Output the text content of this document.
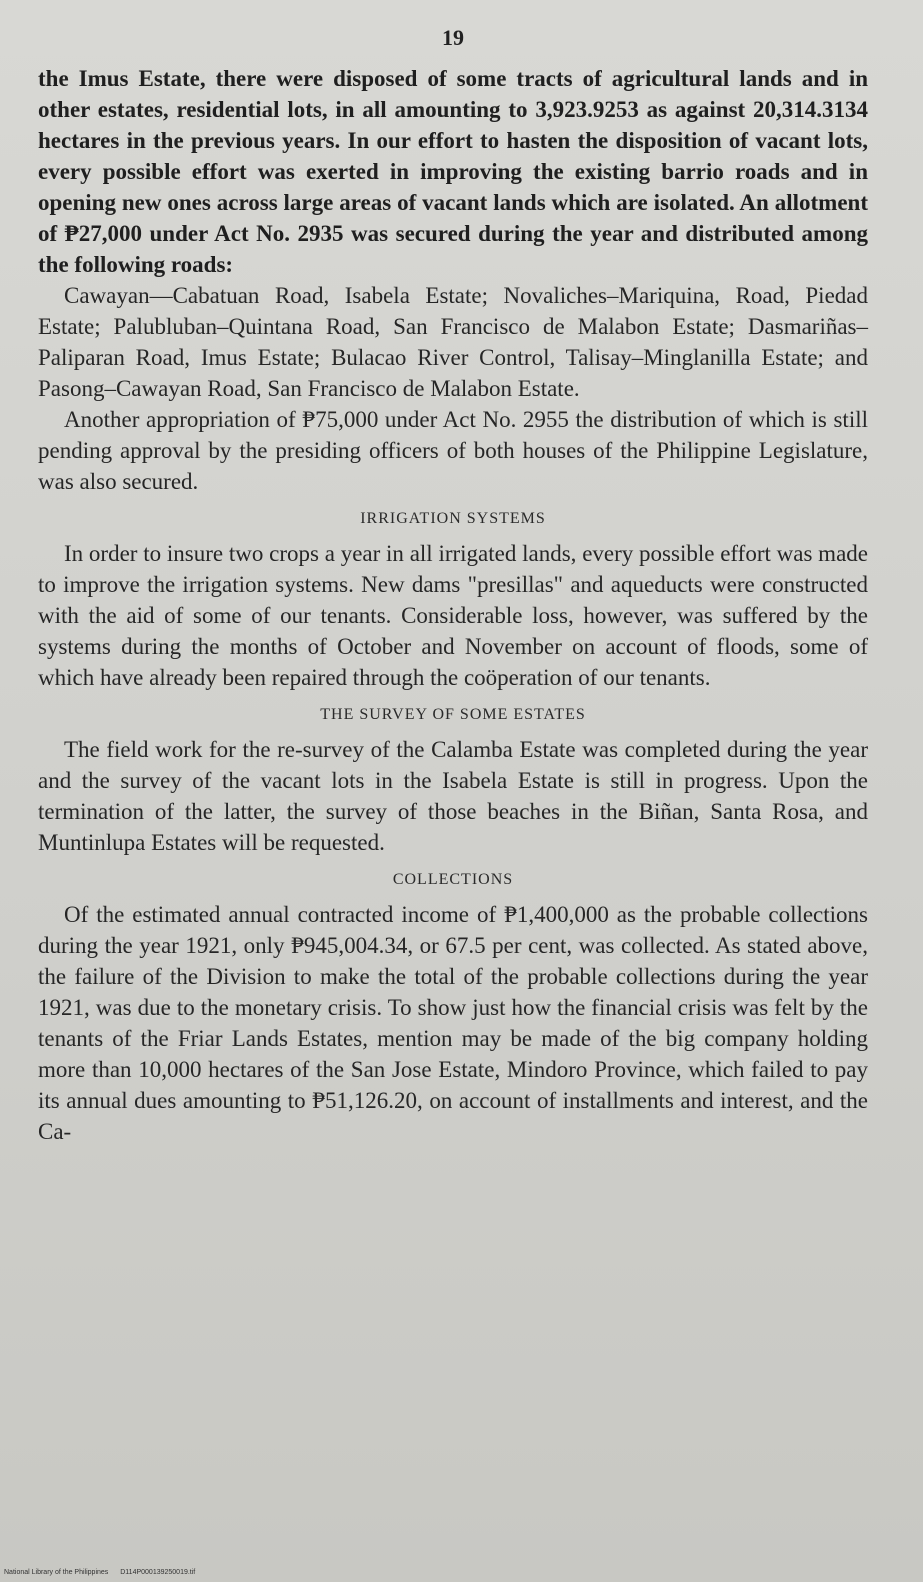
19

the Imus Estate, there were disposed of some tracts of agricultural lands and in other estates, residential lots, in all amounting to 3,923.9253 as against 20,314.3134 hectares in the previous years. In our effort to hasten the disposition of vacant lots, every possible effort was exerted in improving the existing barrio roads and in opening new ones across large areas of vacant lands which are isolated. An allotment of ₱27,000 under Act No. 2935 was secured during the year and distributed among the following roads:

Cawayan—Cabatuan Road, Isabela Estate; Novaliches–Mariquina, Road, Piedad Estate; Palubluban–Quintana Road, San Francisco de Malabon Estate; Dasmariñas–Paliparan Road, Imus Estate; Bulacao River Control, Talisay–Minglanilla Estate; and Pasong–Cawayan Road, San Francisco de Malabon Estate.

Another appropriation of ₱75,000 under Act No. 2955 the distribution of which is still pending approval by the presiding officers of both houses of the Philippine Legislature, was also secured.

IRRIGATION SYSTEMS

In order to insure two crops a year in all irrigated lands, every possible effort was made to improve the irrigation systems. New dams "presillas" and aqueducts were constructed with the aid of some of our tenants. Considerable loss, however, was suffered by the systems during the months of October and November on account of floods, some of which have already been repaired through the coöperation of our tenants.

THE SURVEY OF SOME ESTATES

The field work for the re-survey of the Calamba Estate was completed during the year and the survey of the vacant lots in the Isabela Estate is still in progress. Upon the termination of the latter, the survey of those beaches in the Biñan, Santa Rosa, and Muntinlupa Estates will be requested.

COLLECTIONS

Of the estimated annual contracted income of ₱1,400,000 as the probable collections during the year 1921, only ₱945,004.34, or 67.5 per cent, was collected. As stated above, the failure of the Division to make the total of the probable collections during the year 1921, was due to the monetary crisis. To show just how the financial crisis was felt by the tenants of the Friar Lands Estates, mention may be made of the big company holding more than 10,000 hectares of the San Jose Estate, Mindoro Province, which failed to pay its annual dues amounting to ₱51,126.20, on account of installments and interest, and the Ca-

National Library of the Philippines D114P000139250019.tif
